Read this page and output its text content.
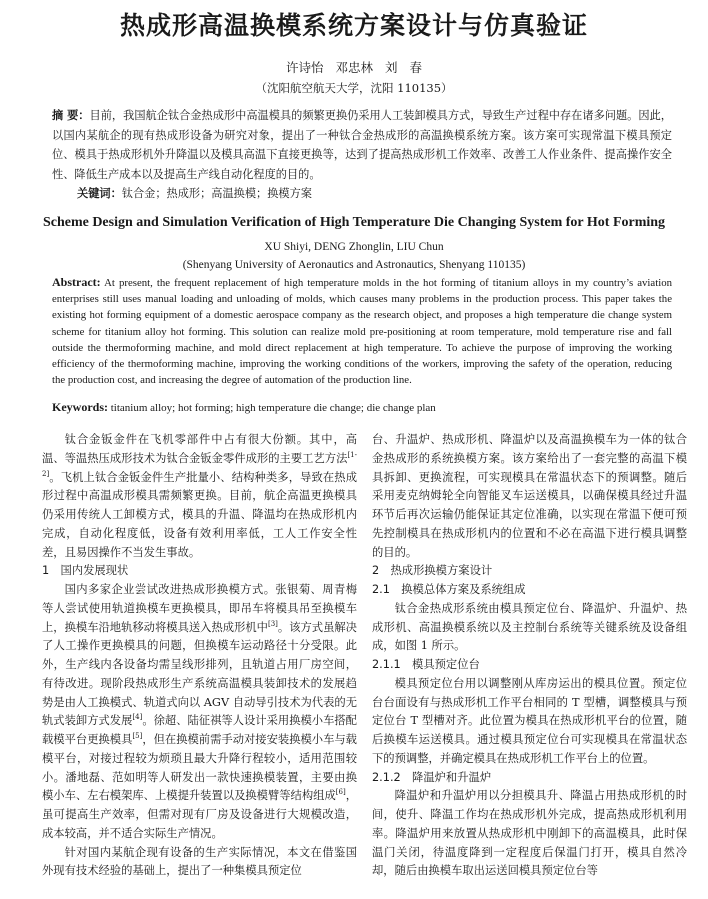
热成形高温换模系统方案设计与仿真验证
许诗怡 邓忠林 刘 春
（沈阳航空航天大学，沈阳 110135）
摘 要：目前，我国航企钛合金热成形中高温模具的频繁更换仍采用人工装卸模具方式，导致生产过程中存在诸多问题。因此，以国内某航企的现有热成形设备为研究对象，提出了一种钛合金热成形的高温换模系统方案。该方案可实现常温下模具预定位、模具于热成形机外升降温以及模具高温下直接更换等，达到了提高热成形机工作效率、改善工人作业条件、提高操作安全性、降低生产成本以及提高生产线自动化程度的目的。
关键词：钛合金；热成形；高温换模；换模方案
Scheme Design and Simulation Verification of High Temperature Die Changing System for Hot Forming
XU Shiyi, DENG Zhonglin, LIU Chun
(Shenyang University of Aeronautics and Astronautics, Shenyang 110135)
Abstract: At present, the frequent replacement of high temperature molds in the hot forming of titanium alloys in my country’s aviation enterprises still uses manual loading and unloading of molds, which causes many problems in the production process. This paper takes the existing hot forming equipment of a domestic aerospace company as the research object, and proposes a high temperature die change system scheme for titanium alloy hot forming. This solution can realize mold pre-positioning at room temperature, mold temperature rise and fall outside the thermoforming machine, and mold direct replacement at high temperature. To achieve the purpose of improving the working efficiency of the thermoforming machine, improving the working conditions of the workers, improving the safety of the operation, reducing the production cost, and increasing the degree of automation of the production line.
Keywords: titanium alloy; hot forming; high temperature die change; die change plan

钛合金钣金件在飞机零部件中占有很大份额。其中，高温、等温热压成形技术为钛合金钣金零件成形的主要工艺方法[1-2]。飞机上钛合金钣金件生产批量小、结构种类多，导致在热成形过程中高温成形模具需频繁更换。目前，航企高温更换模具仍采用传统人工卸模方式，模具的升温、降温均在热成形机内完成，自动化程度低，设备有效利用率低，工人工作安全性差，且易因操作不当发生事故。

1　国内发展现状

国内多家企业尝试改进热成形换模方式。张银菊、周青梅等人尝试使用轨道换模车更换模具，即吊车将模具吊至换模车上，换模车沿地轨移动将模具送入热成形机中[3]。该方式虽解决了人工操作更换模具的问题，但换模车运动路径十分受限。此外，生产线内各设备均需呈线形排列，且轨道占用厂房空间，有待改进。现阶段热成形生产系统高温模具装卸技术的发展趋势是由人工换模式、轨道式向以 AGV 自动导引技术为代表的无轨式装卸方式发展[4]。徐超、陆征祺等人设计采用换模小车搭配载模平台更换模具[5]，但在换模前需手动对接安装换模小车与载模平台，对接过程较为烦琐且最大升降行程较小，适用范围较小。潘地磊、范如明等人研发出一款快速换模装置，主要由换模小车、左右模架库、上模提升装置以及换模臂等结构组成[6]，虽可提高生产效率，但需对现有厂房及设备进行大规模改造，成本较高，并不适合实际生产情况。

针对国内某航企现有设备的生产实际情况，本文在借鉴国外现有技术经验的基础上，提出了一种集模具预定位

台、升温炉、热成形机、降温炉以及高温换模车为一体的钛合金热成形的系统换模方案。该方案给出了一套完整的高温下模具拆卸、更换流程，可实现模具在常温状态下的预调整。随后采用麦克纳姆轮全向智能叉车运送模具，以确保模具经过升温环节后再次运输仍能保证其定位准确，以实现在常温下便可预先控制模具在热成形机内的位置和不必在高温下进行模具调整的目的。

2　热成形换模方案设计
2.1　换模总体方案及系统组成

钛合金热成形系统由模具预定位台、降温炉、升温炉、热成形机、高温换模系统以及主控制台系统等关键系统及设备组成，如图 1 所示。

2.1.1　模具预定位台

模具预定位台用以调整刚从库房运出的模具位置。预定位台台面设有与热成形机工作平台相同的 T 型槽，调整模具与预定位台 T 型槽对齐。此位置为模具在热成形机平台的位置，随后换模车运送模具。通过模具预定位台可实现模具在常温状态下的预调整，并确定模具在热成形机工作平台上的位置。

2.1.2　降温炉和升温炉

降温炉和升温炉用以分担模具升、降温占用热成形机的时间，使升、降温工作均在热成形机外完成，提高热成形机利用率。降温炉用来放置从热成形机中刚卸下的高温模具，此时保温门关闭，待温度降到一定程度后保温门打开，模具自然冷却，随后由换模车取出运送回模具预定位台等
